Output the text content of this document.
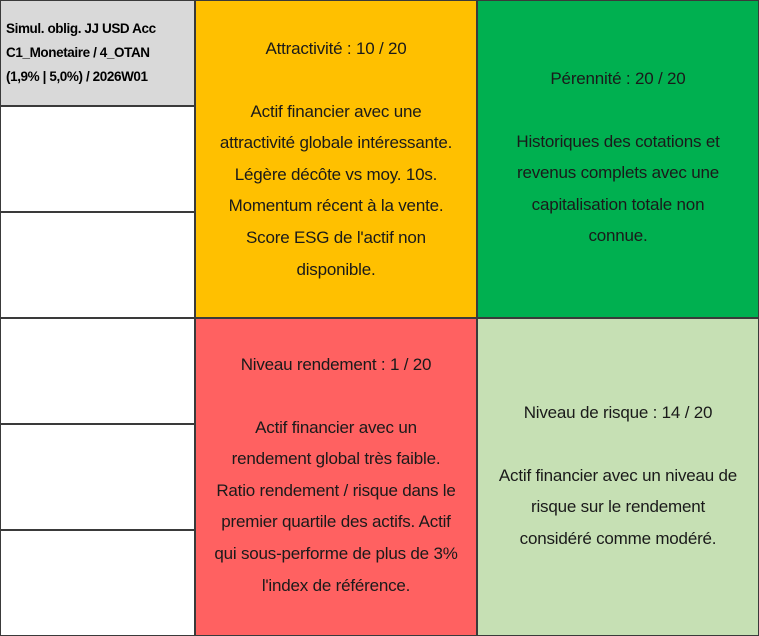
Simul. oblig. JJ USD Acc
C1_Monetaire / 4_OTAN
(1,9% | 5,0%) / 2026W01
Attractivité : 10 / 20
Actif financier avec une
attractivité globale intéressante.
Légère décôte vs moy. 10s.
Momentum récent à la vente.
Score ESG de l'actif non
disponible.
Pérennité : 20 / 20
Historiques des cotations et
revenus complets avec une
capitalisation totale non
connue.
Niveau rendement : 1 / 20
Actif financier avec un
rendement global très faible.
Ratio rendement / risque dans le
premier quartile des actifs. Actif
qui sous-performe de plus de 3%
l'index de référence.
Niveau de risque : 14 / 20
Actif financier avec un niveau de
risque sur le rendement
considéré comme modéré.
